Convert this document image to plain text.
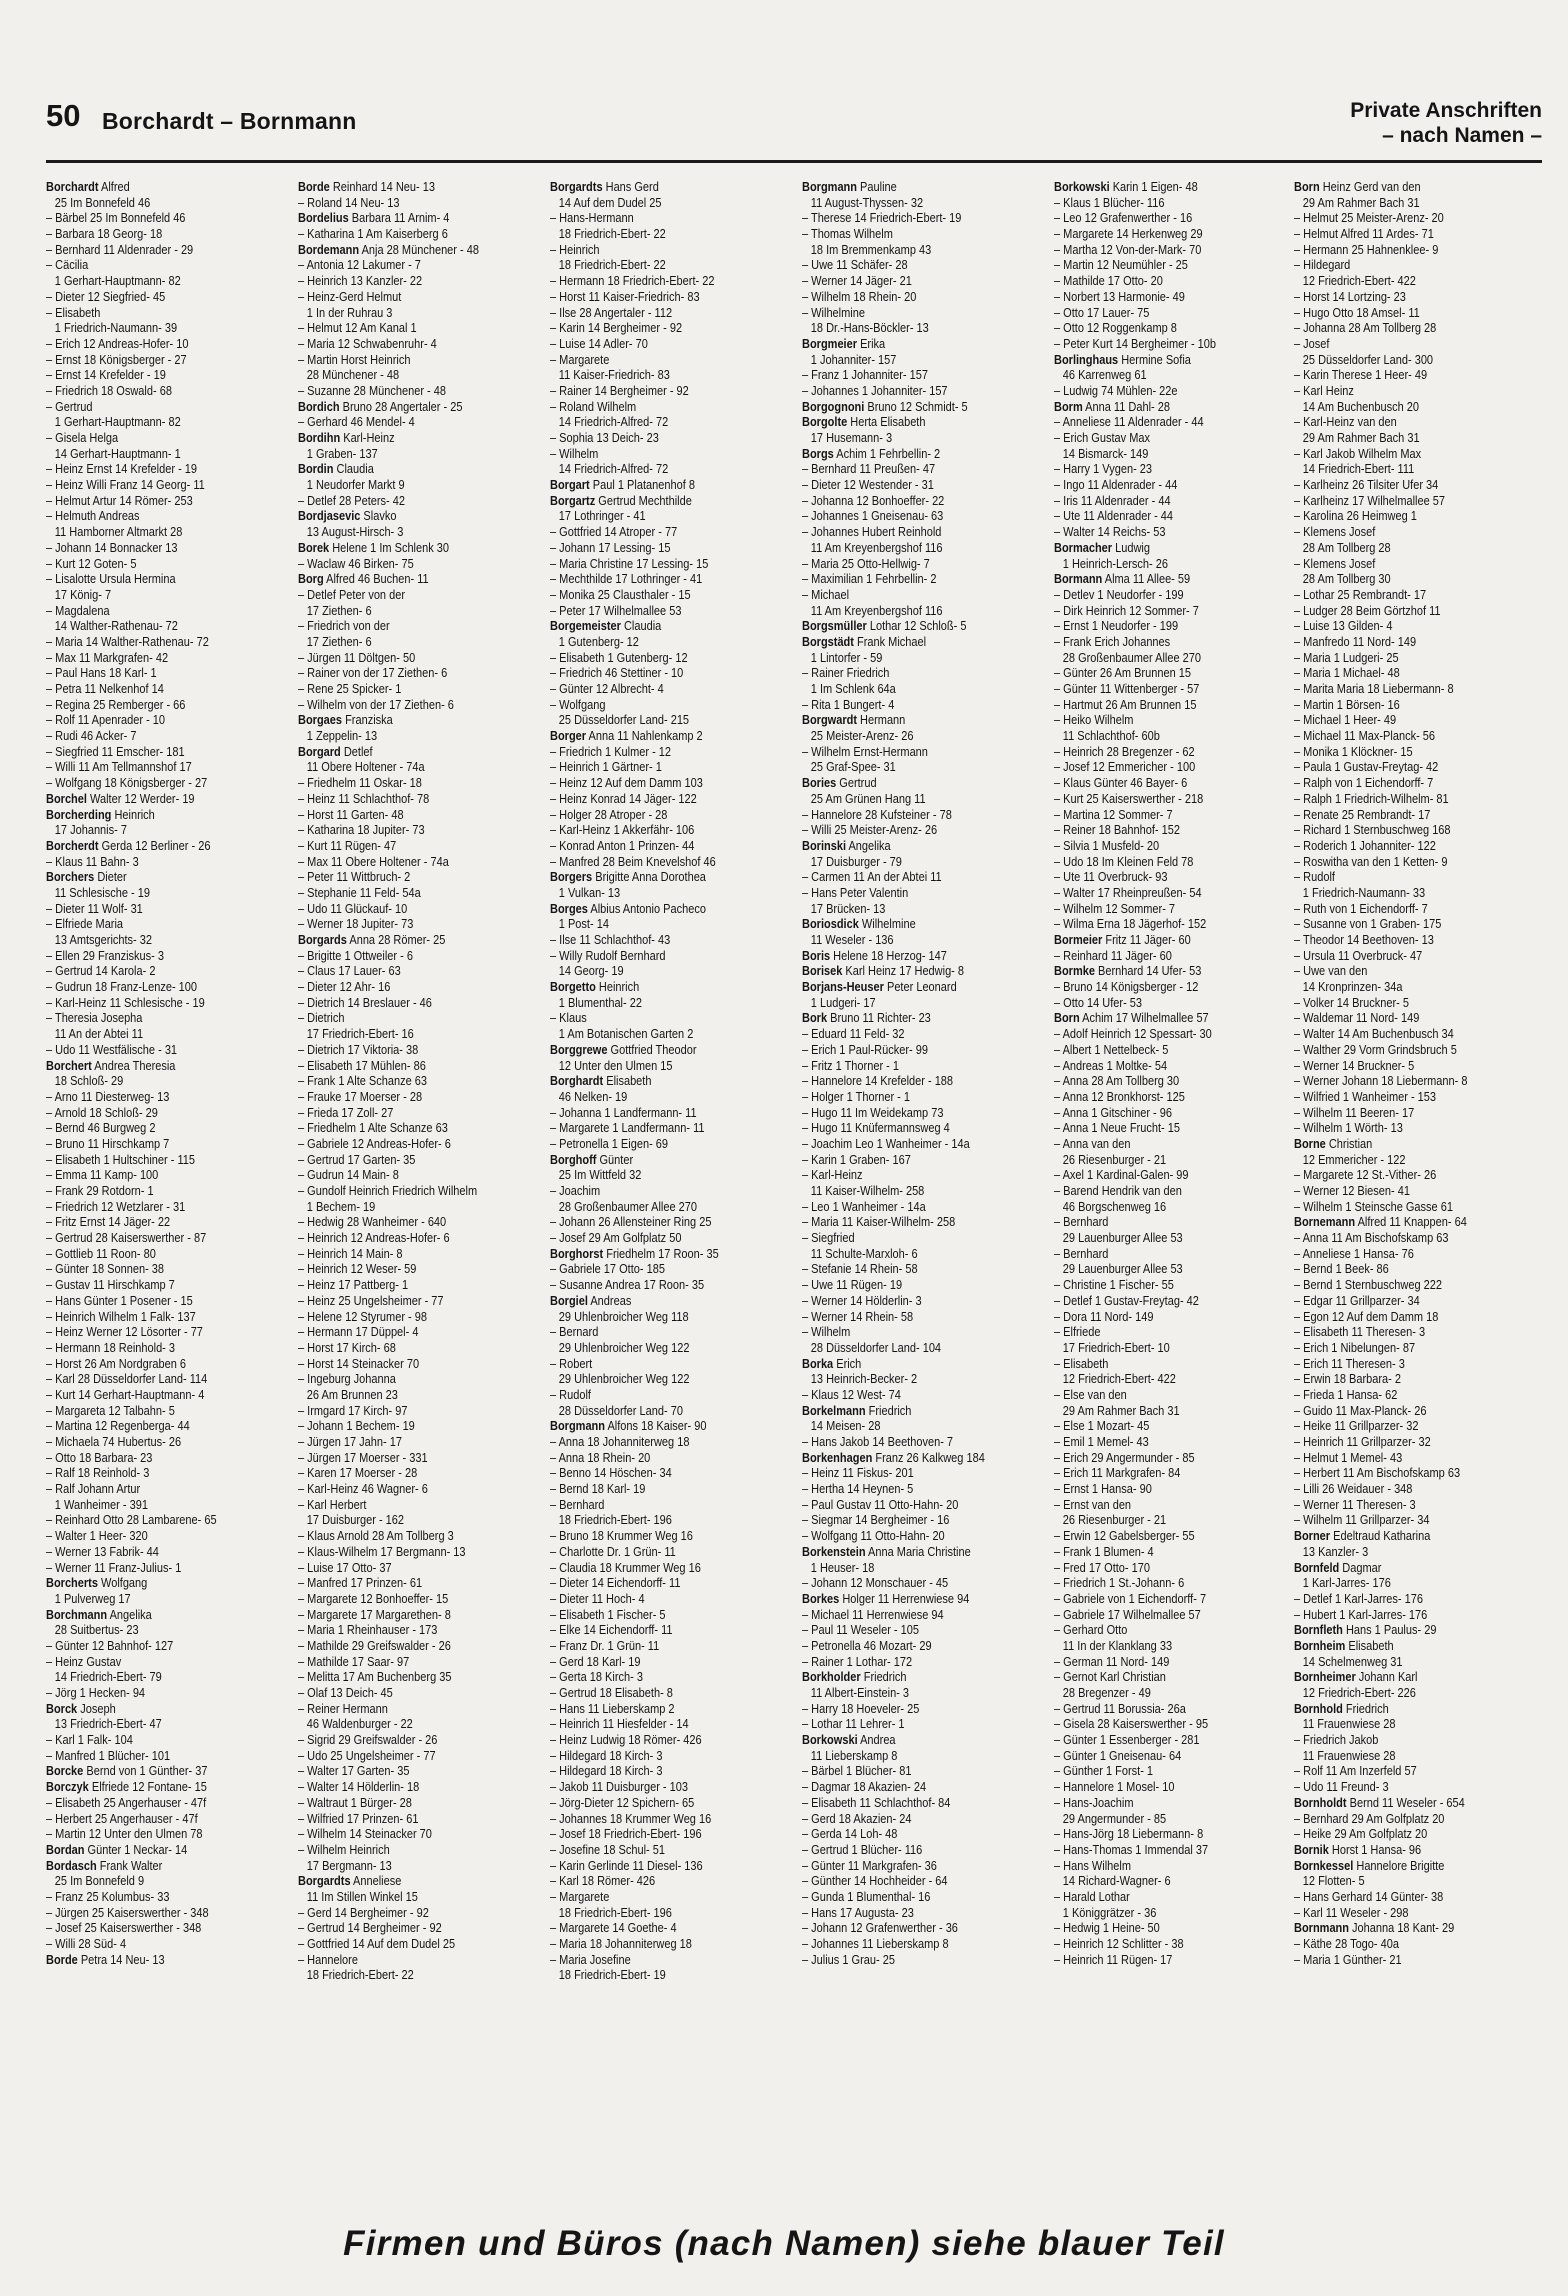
50 Borchardt – Bornmann	Private Anschriften
– nach Namen –
Borchardt Alfred
25 Im Bonnefeld 46
– Bärbel 25 Im Bonnefeld 46
– Barbara 18 Georg- 18
– Bernhard 11 Aldenrader - 29
– Cäcilia
1 Gerhart-Hauptmann- 82
– Dieter 12 Siegfried- 45
– Elisabeth
1 Friedrich-Naumann- 39
– Erich 12 Andreas-Hofer- 10
– Ernst 18 Königsberger - 27
– Ernst 14 Krefelder - 19
– Friedrich 18 Oswald- 68
– Gertrud
1 Gerhart-Hauptmann- 82
– Gisela Helga
14 Gerhart-Hauptmann- 1
– Heinz Ernst 14 Krefelder - 19
– Heinz Willi Franz 14 Georg- 11
– Helmut Artur 14 Römer- 253
– Helmuth Andreas
11 Hamborner Altmarkt 28
– Johann 14 Bonnacker 13
– Kurt 12 Goten- 5
– Lisalotte Ursula Hermina
17 König- 7
– Magdalena
14 Walther-Rathenau- 72
– Maria 14 Walther-Rathenau- 72
– Max 11 Markgrafen- 42
– Paul Hans 18 Karl- 1
– Petra 11 Nelkenhof 14
– Regina 25 Remberger - 66
– Rolf 11 Apenrader - 10
– Rudi 46 Acker- 7
– Siegfried 11 Emscher- 181
– Willi 11 Am Tellmannshof 17
– Wolfgang 18 Königsberger - 27
Borchel Walter 12 Werder- 19
Borcherding Heinrich
17 Johannis- 7
Borcherdt Gerda 12 Berliner - 26
– Klaus 11 Bahn- 3
Borchers Dieter
11 Schlesische - 19
– Dieter 11 Wolf- 31
– Elfriede Maria
13 Amtsgerichts- 32
– Ellen 29 Franziskus- 3
– Gertrud 14 Karola- 2
– Gudrun 18 Franz-Lenze- 100
– Karl-Heinz 11 Schlesische - 19
– Theresia Josepha
11 An der Abtei 11
– Udo 11 Westfälische - 31
Borchert Andrea Theresia
18 Schloß- 29
– Arno 11 Diesterweg- 13
– Arnold 18 Schloß- 29
– Bernd 46 Burgweg 2
– Bruno 11 Hirschkamp 7
– Elisabeth 1 Hultschiner - 115
– Emma 11 Kamp- 100
– Frank 29 Rotdorn- 1
– Friedrich 12 Wetzlarer - 31
– Fritz Ernst 14 Jäger- 22
– Gertrud 28 Kaiserswerther - 87
– Gottlieb 11 Roon- 80
– Günter 18 Sonnen- 38
– Gustav 11 Hirschkamp 7
– Hans Günter 1 Posener - 15
– Heinrich Wilhelm 1 Falk- 137
– Heinz Werner 12 Lösorter - 77
– Hermann 18 Reinhold- 3
– Horst 26 Am Nordgraben 6
– Karl 28 Düsseldorfer Land- 114
– Kurt 14 Gerhart-Hauptmann- 4
– Margareta 12 Talbahn- 5
– Martina 12 Regenberga- 44
– Michaela 74 Hubertus- 26
– Otto 18 Barbara- 23
– Ralf 18 Reinhold- 3
– Ralf Johann Artur
1 Wanheimer - 391
– Reinhard Otto 28 Lambarene- 65
– Walter 1 Heer- 320
– Werner 13 Fabrik- 44
– Werner 11 Franz-Julius- 1
Borcherts Wolfgang
1 Pulverweg 17
Borchmann Angelika
28 Suitbertus- 23
– Günter 12 Bahnhof- 127
– Heinz Gustav
14 Friedrich-Ebert- 79
– Jörg 1 Hecken- 94
Borck Joseph
13 Friedrich-Ebert- 47
– Karl 1 Falk- 104
– Manfred 1 Blücher- 101
Borcke Bernd von 1 Günther- 37
Borczyk Elfriede 12 Fontane- 15
– Elisabeth 25 Angerhauser - 47f
– Herbert 25 Angerhauser - 47f
– Martin 12 Unter den Ulmen 78
Bordan Günter 1 Neckar- 14
Bordasch Frank Walter
25 Im Bonnefeld 9
– Franz 25 Kolumbus- 33
– Jürgen 25 Kaiserswerther - 348
– Josef 25 Kaiserswerther - 348
– Willi 28 Süd- 4
Borde Petra 14 Neu- 13
Borde Reinhard 14 Neu- 13
– Roland 14 Neu- 13
Bordelius Barbara 11 Arnim- 4
– Katharina 1 Am Kaiserberg 6
Bordemann Anja 28 Münchener - 48
– Antonia 12 Lakumer - 7
– Heinrich 13 Kanzler- 22
– Heinz-Gerd Helmut
1 In der Ruhrau 3
– Helmut 12 Am Kanal 1
– Maria 12 Schwabenruhr- 4
– Martin Horst Heinrich
28 Münchener - 48
– Suzanne 28 Münchener - 48
Bordich Bruno 28 Angertaler - 25
– Gerhard 46 Mendel- 4
Bordihn Karl-Heinz
1 Graben- 137
Bordin Claudia
1 Neudorfer Markt 9
– Detlef 28 Peters- 42
Bordjasevic Slavko
13 August-Hirsch- 3
Borek Helene 1 Im Schlenk 30
– Waclaw 46 Birken- 75
Borg Alfred 46 Buchen- 11
– Detlef Peter von der
17 Ziethen- 6
– Friedrich von der
17 Ziethen- 6
– Jürgen 11 Döltgen- 50
– Rainer von der 17 Ziethen- 6
– Rene 25 Spicker- 1
– Wilhelm von der 17 Ziethen- 6
Borgaes Franziska
1 Zeppelin- 13
Borgard Detlef
11 Obere Holtener - 74a
– Friedhelm 11 Oskar- 18
– Heinz 11 Schlachthof- 78
– Horst 11 Garten- 48
– Katharina 18 Jupiter- 73
– Kurt 11 Rügen- 47
– Max 11 Obere Holtener - 74a
– Peter 11 Wittbruch- 2
– Stephanie 11 Feld- 54a
– Udo 11 Glückauf- 10
– Werner 18 Jupiter- 73
Borgards Anna 28 Römer- 25
– Brigitte 1 Ottweiler - 6
– Claus 17 Lauer- 63
– Dieter 12 Ahr- 16
– Dietrich 14 Breslauer - 46
– Dietrich
17 Friedrich-Ebert- 16
– Dietrich 17 Viktoria- 38
– Elisabeth 17 Mühlen- 86
– Frank 1 Alte Schanze 63
– Frauke 17 Moerser - 28
– Frieda 17 Zoll- 27
– Friedhelm 1 Alte Schanze 63
– Gabriele 12 Andreas-Hofer- 6
– Gertrud 17 Garten- 35
– Gudrun 14 Main- 8
– Gundolf Heinrich Friedrich Wilhelm
1 Bechem- 19
– Hedwig 28 Wanheimer - 640
– Heinrich 12 Andreas-Hofer- 6
– Heinrich 14 Main- 8
– Heinrich 12 Weser- 59
– Heinz 17 Pattberg- 1
– Heinz 25 Ungelsheimer - 77
– Helene 12 Styrumer - 98
– Hermann 17 Düppel- 4
– Horst 17 Kirch- 68
– Horst 14 Steinacker 70
– Ingeburg Johanna
26 Am Brunnen 23
– Irmgard 17 Kirch- 97
– Johann 1 Bechem- 19
– Jürgen 17 Jahn- 17
– Jürgen 17 Moerser - 331
– Karen 17 Moerser - 28
– Karl-Heinz 46 Wagner- 6
– Karl Herbert
17 Duisburger - 162
– Klaus Arnold 28 Am Tollberg 3
– Klaus-Wilhelm 17 Bergmann- 13
– Luise 17 Otto- 37
– Manfred 17 Prinzen- 61
– Margarete 12 Bonhoeffer- 15
– Margarete 17 Margarethen- 8
– Maria 1 Rheinhauser - 173
– Mathilde 29 Greifswalder - 26
– Mathilde 17 Saar- 97
– Melitta 17 Am Buchenberg 35
– Olaf 13 Deich- 45
– Reiner Hermann
46 Waldenburger - 22
– Sigrid 29 Greifswalder - 26
– Udo 25 Ungelsheimer - 77
– Walter 17 Garten- 35
– Walter 14 Hölderlin- 18
– Waltraut 1 Bürger- 28
– Wilfried 17 Prinzen- 61
– Wilhelm 14 Steinacker 70
– Wilhelm Heinrich
17 Bergmann- 13
Borgardts Anneliese
11 Im Stillen Winkel 15
– Gerd 14 Bergheimer - 92
– Gertrud 14 Bergheimer - 92
– Gottfried 14 Auf dem Dudel 25
– Hannelore
18 Friedrich-Ebert- 22
Borgardts Hans Gerd
14 Auf dem Dudel 25
– Hans-Hermann
18 Friedrich-Ebert- 22
– Heinrich
18 Friedrich-Ebert- 22
– Hermann 18 Friedrich-Ebert- 22
– Horst 11 Kaiser-Friedrich- 83
– Ilse 28 Angertaler - 112
– Karin 14 Bergheimer - 92
– Luise 14 Adler- 70
– Margarete
11 Kaiser-Friedrich- 83
– Rainer 14 Bergheimer - 92
– Roland Wilhelm
14 Friedrich-Alfred- 72
– Sophia 13 Deich- 23
– Wilhelm
14 Friedrich-Alfred- 72
Borgart Paul 1 Platanenhof 8
Borgartz Gertrud Mechthilde
17 Lothringer - 41
– Gottfried 14 Atroper - 77
– Johann 17 Lessing- 15
– Maria Christine 17 Lessing- 15
– Mechthilde 17 Lothringer - 41
– Monika 25 Clausthaler - 15
– Peter 17 Wilhelmallee 53
Borgemeister Claudia
1 Gutenberg- 12
– Elisabeth 1 Gutenberg- 12
– Friedrich 46 Stettiner - 10
– Günter 12 Albrecht- 4
– Wolfgang
25 Düsseldorfer Land- 215
Borger Anna 11 Nahlenkamp 2
– Friedrich 1 Kulmer - 12
– Heinrich 1 Gärtner- 1
– Heinz 12 Auf dem Damm 103
– Heinz Konrad 14 Jäger- 122
– Holger 28 Atroper - 28
– Karl-Heinz 1 Akkerfähr- 106
– Konrad Anton 1 Prinzen- 44
– Manfred 28 Beim Knevelshof 46
Borgers Brigitte Anna Dorothea
1 Vulkan- 13
Borges Albius Antonio Pacheco
1 Post- 14
– Ilse 11 Schlachthof- 43
– Willy Rudolf Bernhard
14 Georg- 19
Borgetto Heinrich
1 Blumenthal- 22
– Klaus
1 Am Botanischen Garten 2
Borggrewe Gottfried Theodor
12 Unter den Ulmen 15
Borghardt Elisabeth
46 Nelken- 19
– Johanna 1 Landfermann- 11
– Margarete 1 Landfermann- 11
– Petronella 1 Eigen- 69
Borghoff Günter
25 Im Wittfeld 32
– Joachim
28 Großenbaumer Allee 270
– Johann 26 Allensteiner Ring 25
– Josef 29 Am Golfplatz 50
Borghorst Friedhelm 17 Roon- 35
– Gabriele 17 Otto- 185
– Susanne Andrea 17 Roon- 35
Borgiel Andreas
29 Uhlenbroicher Weg 118
– Bernard
29 Uhlenbroicher Weg 122
– Robert
29 Uhlenbroicher Weg 122
– Rudolf
28 Düsseldorfer Land- 70
Borgmann Alfons 18 Kaiser- 90
– Anna 18 Johanniterweg 18
– Anna 18 Rhein- 20
– Benno 14 Höschen- 34
– Bernd 18 Karl- 19
– Bernhard
18 Friedrich-Ebert- 196
– Bruno 18 Krummer Weg 16
– Charlotte Dr. 1 Grün- 11
– Claudia 18 Krummer Weg 16
– Dieter 14 Eichendorff- 11
– Dieter 11 Hoch- 4
– Elisabeth 1 Fischer- 5
– Elke 14 Eichendorff- 11
– Franz Dr. 1 Grün- 11
– Gerd 18 Karl- 19
– Gerta 18 Kirch- 3
– Gertrud 18 Elisabeth- 8
– Hans 11 Lieberskamp 2
– Heinrich 11 Hiesfelder - 14
– Heinz Ludwig 18 Römer- 426
– Hildegard 18 Kirch- 3
– Hildegard 18 Kirch- 3
– Jakob 11 Duisburger - 103
– Jörg-Dieter 12 Spichern- 65
– Johannes 18 Krummer Weg 16
– Josef 18 Friedrich-Ebert- 196
– Josefine 18 Schul- 51
– Karin Gerlinde 11 Diesel- 136
– Karl 18 Römer- 426
– Margarete
18 Friedrich-Ebert- 196
– Margarete 14 Goethe- 4
– Maria 18 Johanniterweg 18
– Maria Josefine
18 Friedrich-Ebert- 19
Borgmann Pauline
11 August-Thyssen- 32
– Therese 14 Friedrich-Ebert- 19
– Thomas Wilhelm
18 Im Bremmenkamp 43
– Uwe 11 Schäfer- 28
– Werner 14 Jäger- 21
– Wilhelm 18 Rhein- 20
– Wilhelmine
18 Dr.-Hans-Böckler- 13
Borgmeier Erika
1 Johanniter- 157
– Franz 1 Johanniter- 157
– Johannes 1 Johanniter- 157
Borgognoni Bruno 12 Schmidt- 5
Borgolte Herta Elisabeth
17 Husemann- 3
Borgs Achim 1 Fehrbellin- 2
– Bernhard 11 Preußen- 47
– Dieter 12 Westender - 31
– Johanna 12 Bonhoeffer- 22
– Johannes 1 Gneisenau- 63
– Johannes Hubert Reinhold
11 Am Kreyenbergshof 116
– Maria 25 Otto-Hellwig- 7
– Maximilian 1 Fehrbellin- 2
– Michael
11 Am Kreyenbergshof 116
Borgsmüller Lothar 12 Schloß- 5
Borgstädt Frank Michael
1 Lintorfer - 59
– Rainer Friedrich
1 Im Schlenk 64a
– Rita 1 Bungert- 4
Borgwardt Hermann
25 Meister-Arenz- 26
– Wilhelm Ernst-Hermann
25 Graf-Spee- 31
Bories Gertrud
25 Am Grünen Hang 11
– Hannelore 28 Kufsteiner - 78
– Willi 25 Meister-Arenz- 26
Borinski Angelika
17 Duisburger - 79
– Carmen 11 An der Abtei 11
– Hans Peter Valentin
17 Brücken- 13
Boriosdick Wilhelmine
11 Weseler - 136
Boris Helene 18 Herzog- 147
Borisek Karl Heinz 17 Hedwig- 8
Borjans-Heuser Peter Leonard
1 Ludgeri- 17
Bork Bruno 11 Richter- 23
– Eduard 11 Feld- 32
– Erich 1 Paul-Rücker- 99
– Fritz 1 Thorner - 1
– Hannelore 14 Krefelder - 188
– Holger 1 Thorner - 1
– Hugo 11 Im Weidekamp 73
– Hugo 11 Knüfermannsweg 4
– Joachim Leo 1 Wanheimer - 14a
– Karin 1 Graben- 167
– Karl-Heinz
11 Kaiser-Wilhelm- 258
– Leo 1 Wanheimer - 14a
– Maria 11 Kaiser-Wilhelm- 258
– Siegfried
11 Schulte-Marxloh- 6
– Stefanie 14 Rhein- 58
– Uwe 11 Rügen- 19
– Werner 14 Hölderlin- 3
– Werner 14 Rhein- 58
– Wilhelm
28 Düsseldorfer Land- 104
Borka Erich
13 Heinrich-Becker- 2
– Klaus 12 West- 74
Borkelmann Friedrich
14 Meisen- 28
– Hans Jakob 14 Beethoven- 7
Borkenhagen Franz 26 Kalkweg 184
– Heinz 11 Fiskus- 201
– Hertha 14 Heynen- 5
– Paul Gustav 11 Otto-Hahn- 20
– Siegmar 14 Bergheimer - 16
– Wolfgang 11 Otto-Hahn- 20
Borkenstein Anna Maria Christine
1 Heuser- 18
– Johann 12 Monschauer - 45
Borkes Holger 11 Herrenwiese 94
– Michael 11 Herrenwiese 94
– Paul 11 Weseler - 105
– Petronella 46 Mozart- 29
– Rainer 1 Lothar- 172
Borkholder Friedrich
11 Albert-Einstein- 3
– Harry 18 Hoeveler- 25
– Lothar 11 Lehrer- 1
Borkowski Andrea
11 Lieberskamp 8
– Bärbel 1 Blücher- 81
– Dagmar 18 Akazien- 24
– Elisabeth 11 Schlachthof- 84
– Gerd 18 Akazien- 24
– Gerda 14 Loh- 48
– Gertrud 1 Blücher- 116
– Günter 11 Markgrafen- 36
– Günther 14 Hochheider - 64
– Gunda 1 Blumenthal- 16
– Hans 17 Augusta- 23
– Johann 12 Grafenwerther - 36
– Johannes 11 Lieberskamp 8
– Julius 1 Grau- 25
Borkowski Karin 1 Eigen- 48
– Klaus 1 Blücher- 116
– Leo 12 Grafenwerther - 16
– Margarete 14 Herkenweg 29
– Martha 12 Von-der-Mark- 70
– Martin 12 Neumühler - 25
– Mathilde 17 Otto- 20
– Norbert 13 Harmonie- 49
– Otto 17 Lauer- 75
– Otto 12 Roggenkamp 8
– Peter Kurt 14 Bergheimer - 10b
Borlinghaus Hermine Sofia
46 Karrenweg 61
– Ludwig 74 Mühlen- 22e
Borm Anna 11 Dahl- 28
– Anneliese 11 Aldenrader - 44
– Erich Gustav Max
14 Bismarck- 149
– Harry 1 Vygen- 23
– Ingo 11 Aldenrader - 44
– Iris 11 Aldenrader - 44
– Ute 11 Aldenrader - 44
– Walter 14 Reichs- 53
Bormacher Ludwig
1 Heinrich-Lersch- 26
Bormann Alma 11 Allee- 59
– Detlev 1 Neudorfer - 199
– Dirk Heinrich 12 Sommer- 7
– Ernst 1 Neudorfer - 199
– Frank Erich Johannes
28 Großenbaumer Allee 270
– Günter 26 Am Brunnen 15
– Günter 11 Wittenberger - 57
– Hartmut 26 Am Brunnen 15
– Heiko Wilhelm
11 Schlachthof- 60b
– Heinrich 28 Bregenzer - 62
– Josef 12 Emmericher - 100
– Klaus Günter 46 Bayer- 6
– Kurt 25 Kaiserswerther - 218
– Martina 12 Sommer- 7
– Reiner 18 Bahnhof- 152
– Silvia 1 Musfeld- 20
– Udo 18 Im Kleinen Feld 78
– Ute 11 Overbruck- 93
– Walter 17 Rheinpreußen- 54
– Wilhelm 12 Sommer- 7
– Wilma Erna 18 Jägerhof- 152
Bormeier Fritz 11 Jäger- 60
– Reinhard 11 Jäger- 60
Bormke Bernhard 14 Ufer- 53
– Bruno 14 Königsberger - 12
– Otto 14 Ufer- 53
Born Achim 17 Wilhelmallee 57
– Adolf Heinrich 12 Spessart- 30
– Albert 1 Nettelbeck- 5
– Andreas 1 Moltke- 54
– Anna 28 Am Tollberg 30
– Anna 12 Bronkhorst- 125
– Anna 1 Gitschiner - 96
– Anna 1 Neue Frucht- 15
– Anna van den
26 Riesenburger - 21
– Axel 1 Kardinal-Galen- 99
– Barend Hendrik van den
46 Borgschenweg 16
– Bernhard
29 Lauenburger Allee 53
– Bernhard
29 Lauenburger Allee 53
– Christine 1 Fischer- 55
– Detlef 1 Gustav-Freytag- 42
– Dora 11 Nord- 149
– Elfriede
17 Friedrich-Ebert- 10
– Elisabeth
12 Friedrich-Ebert- 422
– Else van den
29 Am Rahmer Bach 31
– Else 1 Mozart- 45
– Emil 1 Memel- 43
– Erich 29 Angermunder - 85
– Erich 11 Markgrafen- 84
– Ernst 1 Hansa- 90
– Ernst van den
26 Riesenburger - 21
– Erwin 12 Gabelsberger- 55
– Frank 1 Blumen- 4
– Fred 17 Otto- 170
– Friedrich 1 St.-Johann- 6
– Gabriele von 1 Eichendorff- 7
– Gabriele 17 Wilhelmallee 57
– Gerhard Otto
11 In der Klanklang 33
– German 11 Nord- 149
– Gernot Karl Christian
28 Bregenzer - 49
– Gertrud 11 Borussia- 26a
– Gisela 28 Kaiserswerther - 95
– Günter 1 Essenberger - 281
– Günter 1 Gneisenau- 64
– Günther 1 Forst- 1
– Hannelore 1 Mosel- 10
– Hans-Joachim
29 Angermunder - 85
– Hans-Jörg 18 Liebermann- 8
– Hans-Thomas 1 Immendal 37
– Hans Wilhelm
14 Richard-Wagner- 6
– Harald Lothar
1 Königgrätzer - 36
– Hedwig 1 Heine- 50
– Heinrich 12 Schlitter - 38
– Heinrich 11 Rügen- 17
Born Heinz Gerd van den
29 Am Rahmer Bach 31
– Helmut 25 Meister-Arenz- 20
– Helmut Alfred 11 Ardes- 71
– Hermann 25 Hahnenklee- 9
– Hildegard
12 Friedrich-Ebert- 422
– Horst 14 Lortzing- 23
– Hugo Otto 18 Amsel- 11
– Johanna 28 Am Tollberg 28
– Josef
25 Düsseldorfer Land- 300
– Karin Therese 1 Heer- 49
– Karl Heinz
14 Am Buchenbusch 20
– Karl-Heinz van den
29 Am Rahmer Bach 31
– Karl Jakob Wilhelm Max
14 Friedrich-Ebert- 111
– Karlheinz 26 Tilsiter Ufer 34
– Karlheinz 17 Wilhelmallee 57
– Karolina 26 Heimweg 1
– Klemens Josef
28 Am Tollberg 28
– Klemens Josef
28 Am Tollberg 30
– Lothar 25 Rembrandt- 17
– Ludger 28 Beim Görtzhof 11
– Luise 13 Gilden- 4
– Manfredo 11 Nord- 149
– Maria 1 Ludgeri- 25
– Maria 1 Michael- 48
– Marita Maria 18 Liebermann- 8
– Martin 1 Börsen- 16
– Michael 1 Heer- 49
– Michael 11 Max-Planck- 56
– Monika 1 Klöckner- 15
– Paula 1 Gustav-Freytag- 42
– Ralph von 1 Eichendorff- 7
– Ralph 1 Friedrich-Wilhelm- 81
– Renate 25 Rembrandt- 17
– Richard 1 Sternbuschweg 168
– Roderich 1 Johanniter- 122
– Roswitha van den 1 Ketten- 9
– Rudolf
1 Friedrich-Naumann- 33
– Ruth von 1 Eichendorff- 7
– Susanne von 1 Graben- 175
– Theodor 14 Beethoven- 13
– Ursula 11 Overbruck- 47
– Uwe van den
14 Kronprinzen- 34a
– Volker 14 Bruckner- 5
– Waldemar 11 Nord- 149
– Walter 14 Am Buchenbusch 34
– Walther 29 Vorm Grindsbruch 5
– Werner 14 Bruckner- 5
– Werner Johann 18 Liebermann- 8
– Wilfried 1 Wanheimer - 153
– Wilhelm 11 Beeren- 17
– Wilhelm 1 Wörth- 13
Borne Christian
12 Emmericher - 122
– Margarete 12 St.-Vither- 26
– Werner 12 Biesen- 41
– Wilhelm 1 Steinsche Gasse 61
Bornemann Alfred 11 Knappen- 64
– Anna 11 Am Bischofskamp 63
– Anneliese 1 Hansa- 76
– Bernd 1 Beek- 86
– Bernd 1 Sternbuschweg 222
– Edgar 11 Grillparzer- 34
– Egon 12 Auf dem Damm 18
– Elisabeth 11 Theresen- 3
– Erich 1 Nibelungen- 87
– Erich 11 Theresen- 3
– Erwin 18 Barbara- 2
– Frieda 1 Hansa- 62
– Guido 11 Max-Planck- 26
– Heike 11 Grillparzer- 32
– Heinrich 11 Grillparzer- 32
– Helmut 1 Memel- 43
– Herbert 11 Am Bischofskamp 63
– Lilli 26 Weidauer - 348
– Werner 11 Theresen- 3
– Wilhelm 11 Grillparzer- 34
Borner Edeltraud Katharina
13 Kanzler- 3
Bornfeld Dagmar
1 Karl-Jarres- 176
– Detlef 1 Karl-Jarres- 176
– Hubert 1 Karl-Jarres- 176
Bornfleth Hans 1 Paulus- 29
Bornheim Elisabeth
14 Schelmenweg 31
Bornheimer Johann Karl
12 Friedrich-Ebert- 226
Bornhold Friedrich
11 Frauenwiese 28
– Friedrich Jakob
11 Frauenwiese 28
– Rolf 11 Am Inzerfeld 57
– Udo 11 Freund- 3
Bornholdt Bernd 11 Weseler - 654
– Bernhard 29 Am Golfplatz 20
– Heike 29 Am Golfplatz 20
Bornik Horst 1 Hansa- 96
Bornkessel Hannelore Brigitte
12 Flotten- 5
– Hans Gerhard 14 Günter- 38
– Karl 11 Weseler - 298
Bornmann Johanna 18 Kant- 29
– Käthe 28 Togo- 40a
– Maria 1 Günther- 21
Firmen und Büros (nach Namen) siehe blauer Teil
